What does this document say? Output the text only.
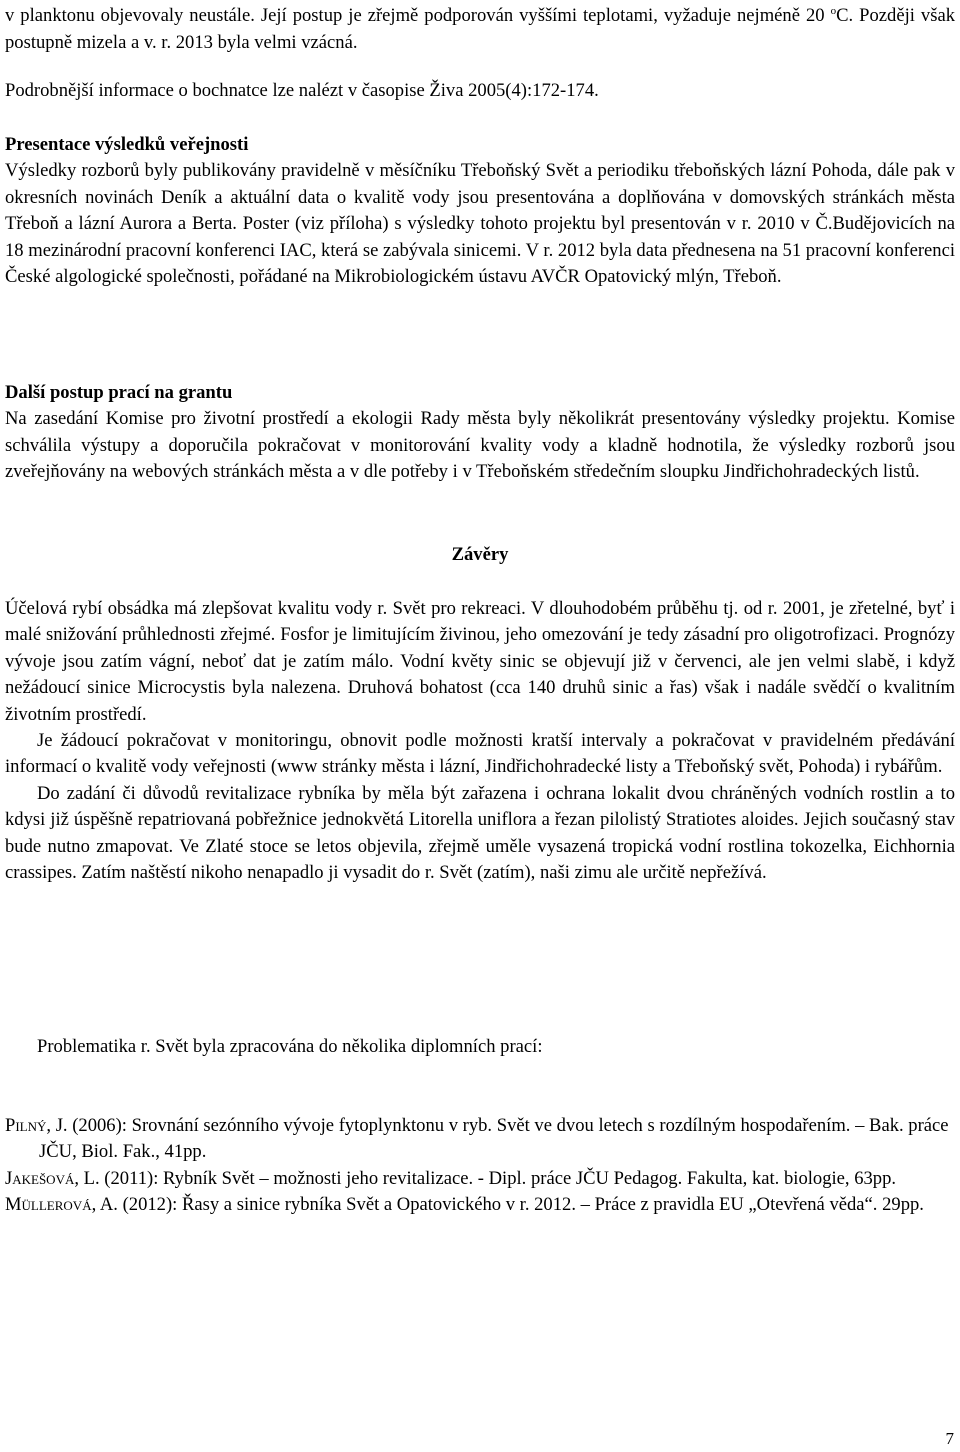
v planktonu objevovaly neustále. Její postup je zřejmě podporován vyššími teplotami, vyžaduje nejméně 20 $^o$C. Později však postupně mizela a v. r. 2013 byla velmi vzácná.

Podrobnější informace o bochnatce lze nalézt v časopise Živa 2005(4):172-174.

Presentace výsledků veřejnosti

Výsledky rozborů byly publikovány pravidelně v měsíčníku Třeboňský Svět a periodiku třeboňských lázní Pohoda, dále pak v okresních novinách Deník a aktuální data o kvalitě vody jsou presentována a doplňována v domovských stránkách města Třeboň a lázní Aurora a Berta. Poster (viz příloha) s výsledky tohoto projektu byl presentován v r. 2010 v Č.Budějovicích na 18 mezinárodní pracovní konferenci IAC, která se zabývala sinicemi. V r. 2012 byla data přednesena na 51 pracovní konferenci České algologické společnosti, pořádané na Mikrobiologickém ústavu AVČR Opatovický mlýn, Třeboň.

Další postup prací na grantu

Na zasedání Komise pro životní prostředí a ekologii Rady města byly několikrát presentovány výsledky projektu. Komise schválila výstupy a doporučila pokračovat v monitorování kvality vody a kladně hodnotila, že výsledky rozborů jsou zveřejňovány na webových stránkách města a v dle potřeby i v Třeboňském středečním sloupku Jindřichohradeckých listů.

Závěry

Účelová rybí obsádka má zlepšovat kvalitu vody r. Svět pro rekreaci. V dlouhodobém průběhu tj. od r. 2001, je zřetelné, byť i malé snižování průhlednosti zřejmé. Fosfor je limitujícím živinou, jeho omezování je tedy zásadní pro oligotrofizaci. Prognózy vývoje jsou zatím vágní, neboť dat je zatím málo. Vodní květy sinic se objevují již v červenci, ale jen velmi slabě, i když nežádoucí sinice Microcystis byla nalezena. Druhová bohatost (cca 140 druhů sinic a řas) však i nadále svědčí o kvalitním životním prostředí.

Je žádoucí pokračovat v monitoringu, obnovit podle možnosti kratší intervaly a pokračovat v pravidelném předávání informací o kvalitě vody veřejnosti (www stránky města i lázní, Jindřichohradecké listy a Třeboňský svět, Pohoda) i rybářům.

Do zadání či důvodů revitalizace rybníka by měla být zařazena i ochrana lokalit dvou chráněných vodních rostlin a to kdysi již úspěšně repatriovaná pobřežnice jednokvětá Litorella uniflora a řezan pilolistý Stratiotes aloides. Jejich současný stav bude nutno zmapovat. Ve Zlaté stoce se letos objevila, zřejmě uměle vysazená tropická vodní rostlina tokozelka, Eichhornia crassipes. Zatím naštěstí nikoho nenapadlo ji vysadit do r. Svět (zatím), naši zimu ale určitě nepřežívá.

Problematika r. Svět byla zpracována do několika diplomních prací:

Pilný, J. (2006): Srovnání sezónního vývoje fytoplynktonu v ryb. Svět ve dvou letech s rozdílným hospodařením. – Bak. práce JČU, Biol. Fak., 41pp.

Jakešová, L. (2011): Rybník Svět – možnosti jeho revitalizace. - Dipl. práce JČU Pedagog. Fakulta, kat. biologie, 63pp.

Müllerová, A. (2012): Řasy a sinice rybníka Svět a Opatovického v r. 2012. – Práce z pravidla EU „Otevřená věda“. 29pp.

7
